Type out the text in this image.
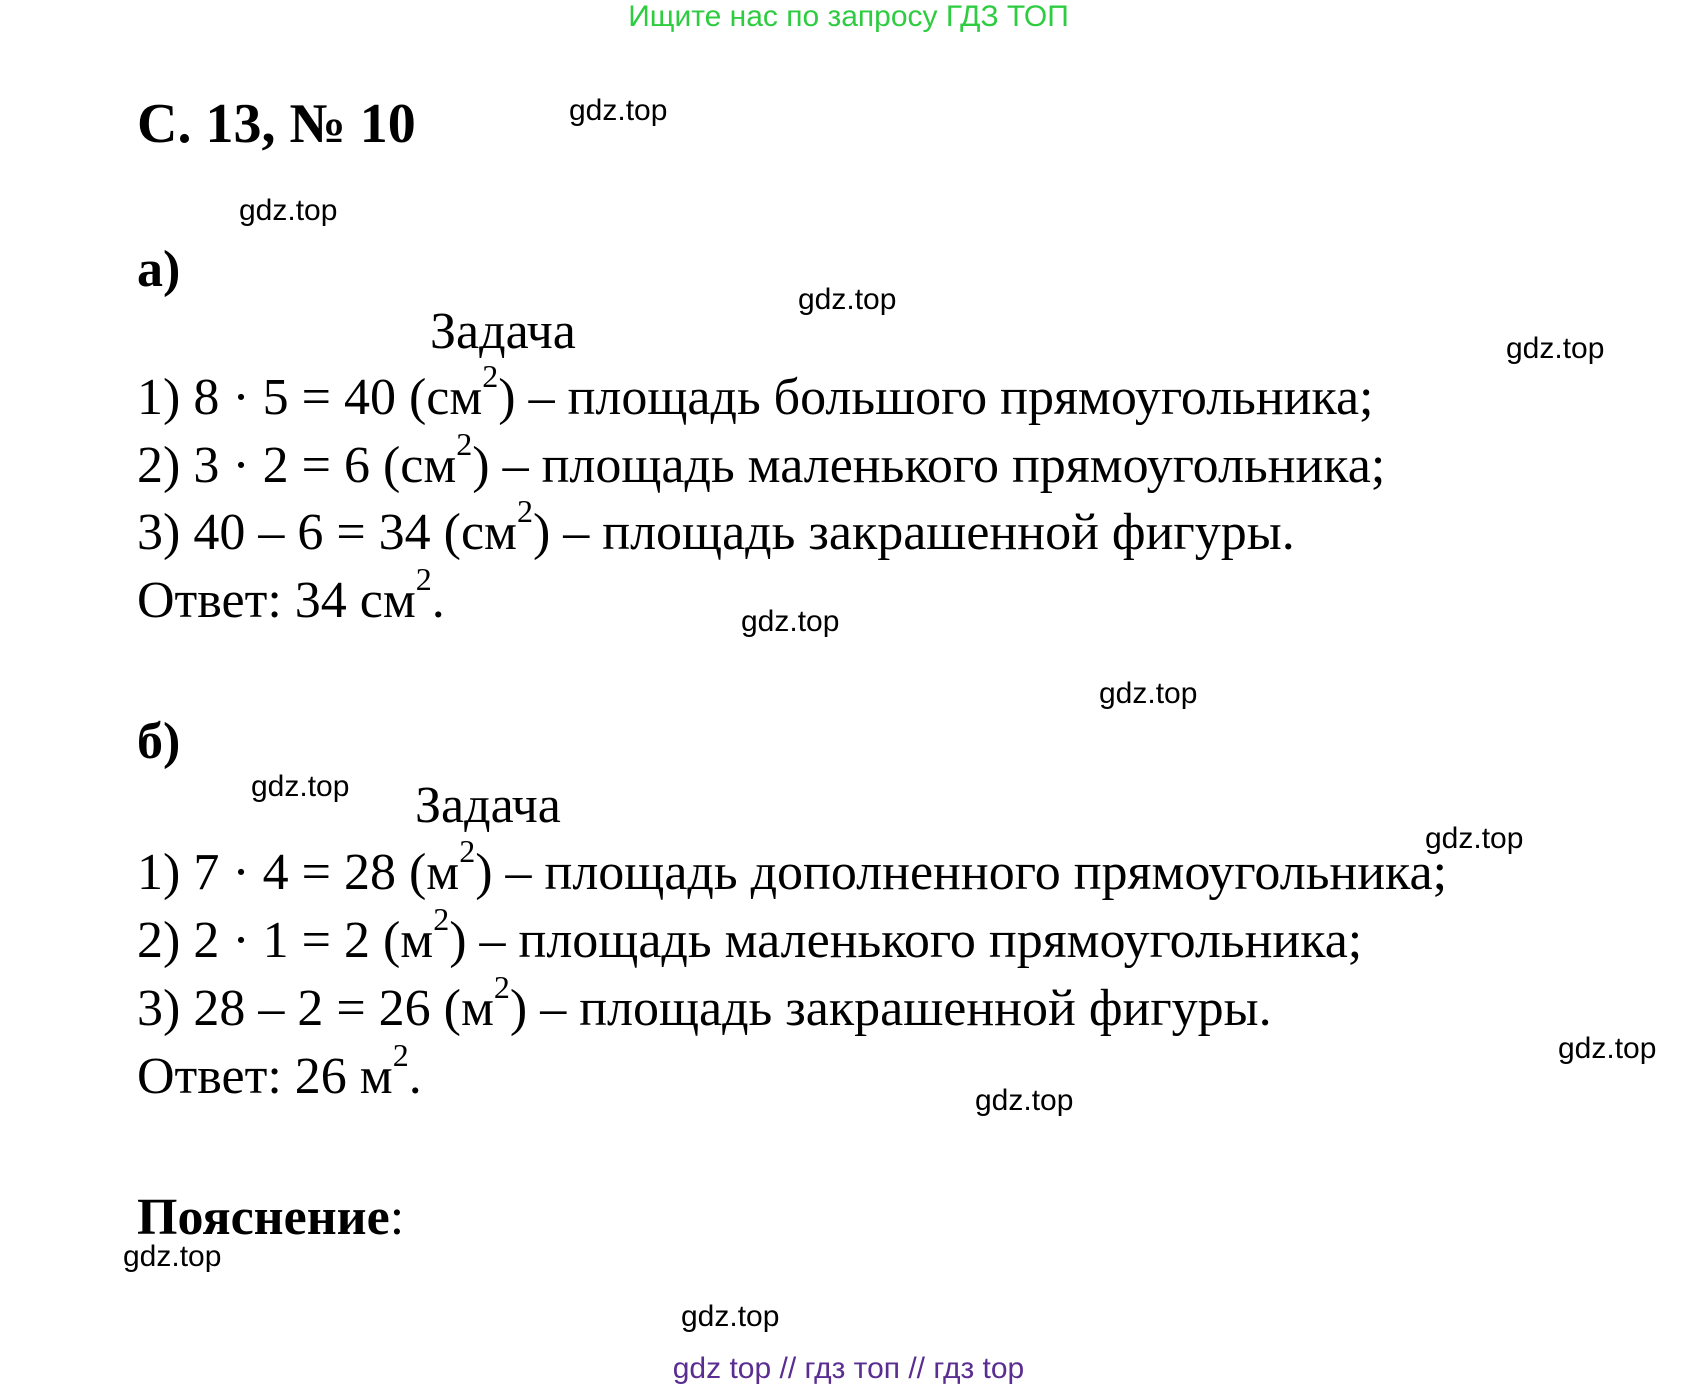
Ищите нас по запросу ГДЗ ТОП
С. 13, № 10
а)
Задача
1) 8 · 5 = 40 $(см^2)$ – площадь большого прямоугольника;
2) 3 · 2 = 6 $(см^2)$ – площадь маленького прямоугольника;
3) 40 – 6 = 34 $(см^2)$ – площадь закрашенной фигуры.
Ответ: 34 $см^2$.
б)
Задача
1) 7 · 4 = 28 $(м^2)$ – площадь дополненного прямоугольника;
2) 2 · 1 = 2 $(м^2)$ – площадь маленького прямоугольника;
3) 28 – 2 = 26 $(м^2)$ – площадь закрашенной фигуры.
Ответ: 26 $м^2$.
Пояснение:
gdz.top
gdz.top
gdz.top
gdz.top
gdz.top
gdz.top
gdz.top
gdz.top
gdz.top
gdz.top
gdz.top
gdz.top
gdz top // гдз топ // гдз top
